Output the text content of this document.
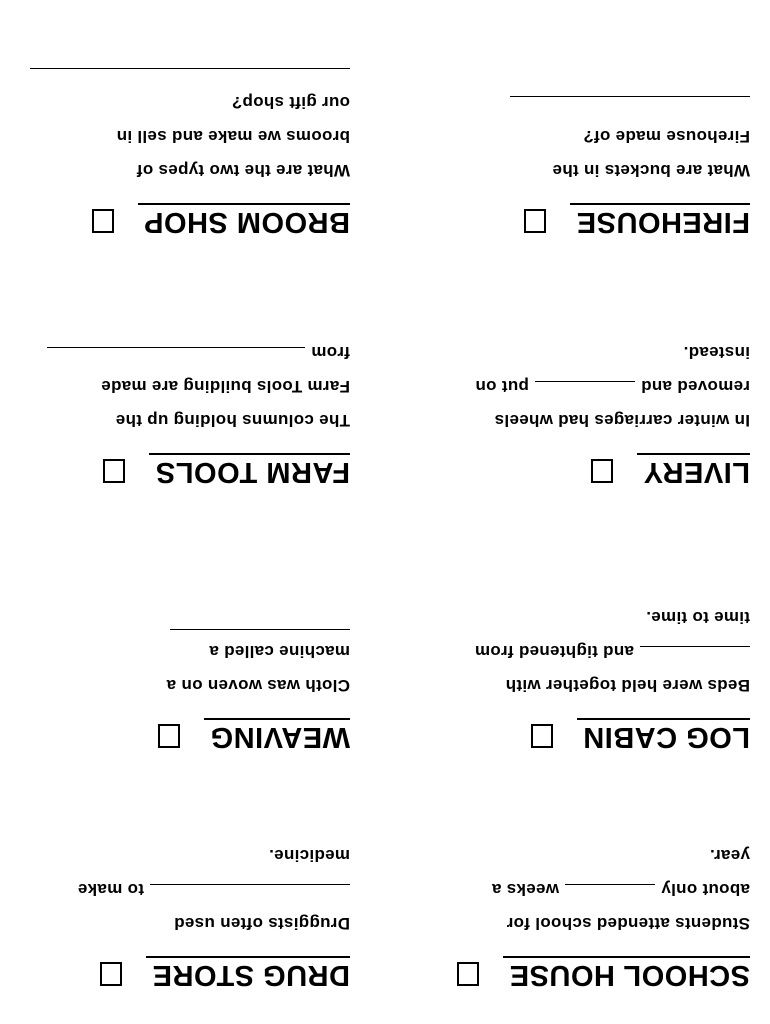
SCHOOL HOUSE
Students attended school for
about onlyweeks a
year.
DRUG STORE
Druggists often used
to make
medicine.
LOG CABIN
Beds were held together with
and tightened from
time to time.
WEAVING
Cloth was woven on a
machine called a
LIVERY
In winter carriages had wheels
removed andput on
instead.
FARM TOOLS
The columns holding up the
Farm Tools building are made
from
FIREHOUSE
What are buckets in the
Firehouse made of?
BROOM SHOP
What are the two types of
brooms we make and sell in
our gift shop?
